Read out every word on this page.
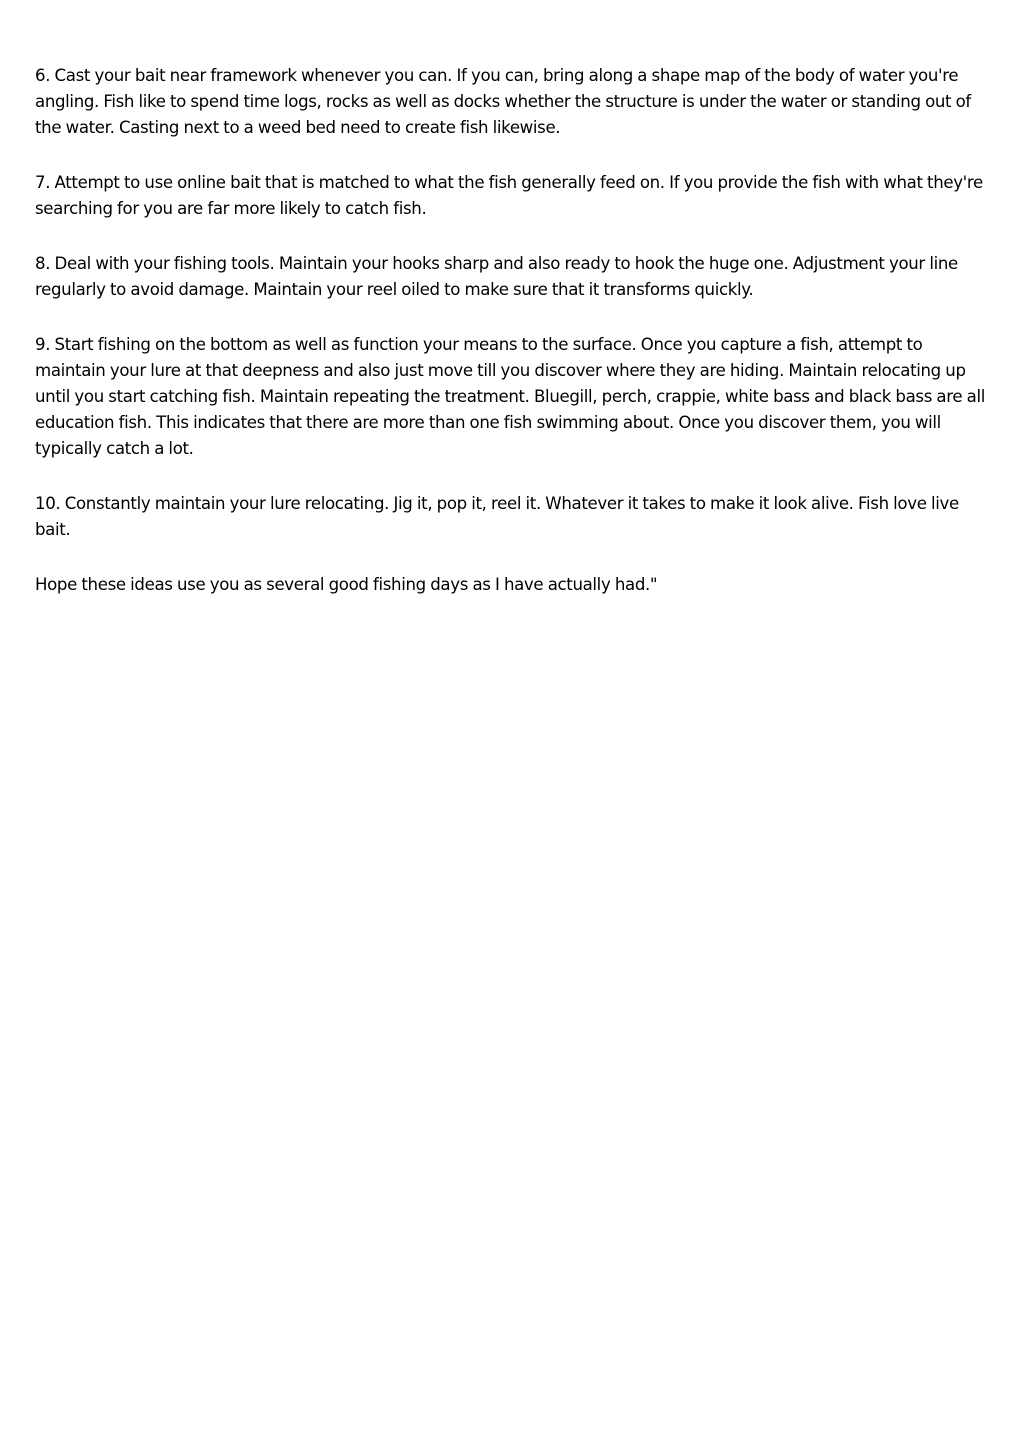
6. Cast your bait near framework whenever you can. If you can, bring along a shape map of the body of water you're angling. Fish like to spend time logs, rocks as well as docks whether the structure is under the water or standing out of the water. Casting next to a weed bed need to create fish likewise.

7. Attempt to use online bait that is matched to what the fish generally feed on. If you provide the fish with what they're searching for you are far more likely to catch fish.

8. Deal with your fishing tools. Maintain your hooks sharp and also ready to hook the huge one. Adjustment your line regularly to avoid damage. Maintain your reel oiled to make sure that it transforms quickly.

9. Start fishing on the bottom as well as function your means to the surface. Once you capture a fish, attempt to maintain your lure at that deepness and also just move till you discover where they are hiding. Maintain relocating up until you start catching fish. Maintain repeating the treatment. Bluegill, perch, crappie, white bass and black bass are all education fish. This indicates that there are more than one fish swimming about. Once you discover them, you will typically catch a lot.

10. Constantly maintain your lure relocating. Jig it, pop it, reel it. Whatever it takes to make it look alive. Fish love live bait.

Hope these ideas use you as several good fishing days as I have actually had."
